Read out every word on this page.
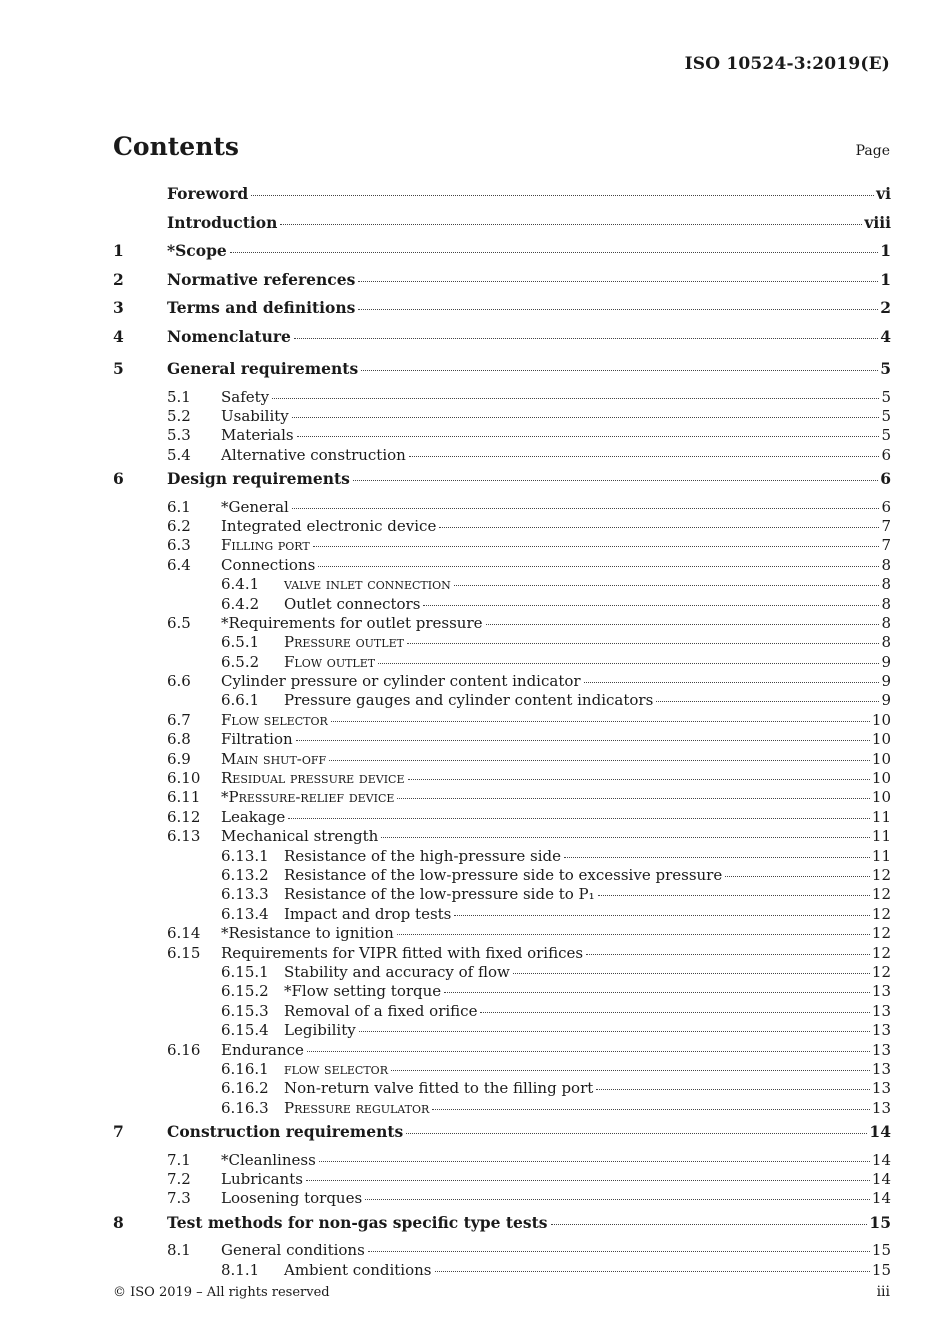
ISO 10524-3:2019(E)
Contents	Page
Foreword	vi
Introduction	viii
1	*Scope	1
2	Normative references	1
3	Terms and definitions	2
4	Nomenclature	4
5	General requirements	5
5.1	Safety	5
5.2	Usability	5
5.3	Materials	5
5.4	Alternative construction	6
6	Design requirements	6
6.1	*General	6
6.2	Integrated electronic device	7
6.3	Filling port	7
6.4	Connections	8
6.4.1	valve inlet connection	8
6.4.2	Outlet connectors	8
6.5	*Requirements for outlet pressure	8
6.5.1	Pressure outlet	8
6.5.2	Flow outlet	9
6.6	Cylinder pressure or cylinder content indicator	9
6.6.1	Pressure gauges and cylinder content indicators	9
6.7	Flow selector	10
6.8	Filtration	10
6.9	Main shut-off	10
6.10	Residual pressure device	10
6.11	*Pressure-relief device	10
6.12	Leakage	11
6.13	Mechanical strength	11
6.13.1	Resistance of the high-pressure side	11
6.13.2	Resistance of the low-pressure side to excessive pressure	12
6.13.3	Resistance of the low-pressure side to P₁	12
6.13.4	Impact and drop tests	12
6.14	*Resistance to ignition	12
6.15	Requirements for VIPR fitted with fixed orifices	12
6.15.1	Stability and accuracy of flow	12
6.15.2	*Flow setting torque	13
6.15.3	Removal of a fixed orifice	13
6.15.4	Legibility	13
6.16	Endurance	13
6.16.1	flow selector	13
6.16.2	Non-return valve fitted to the filling port	13
6.16.3	Pressure regulator	13
7	Construction requirements	14
7.1	*Cleanliness	14
7.2	Lubricants	14
7.3	Loosening torques	14
8	Test methods for non-gas specific type tests	15
8.1	General conditions	15
8.1.1	Ambient conditions	15
© ISO 2019 – All rights reserved	iii
